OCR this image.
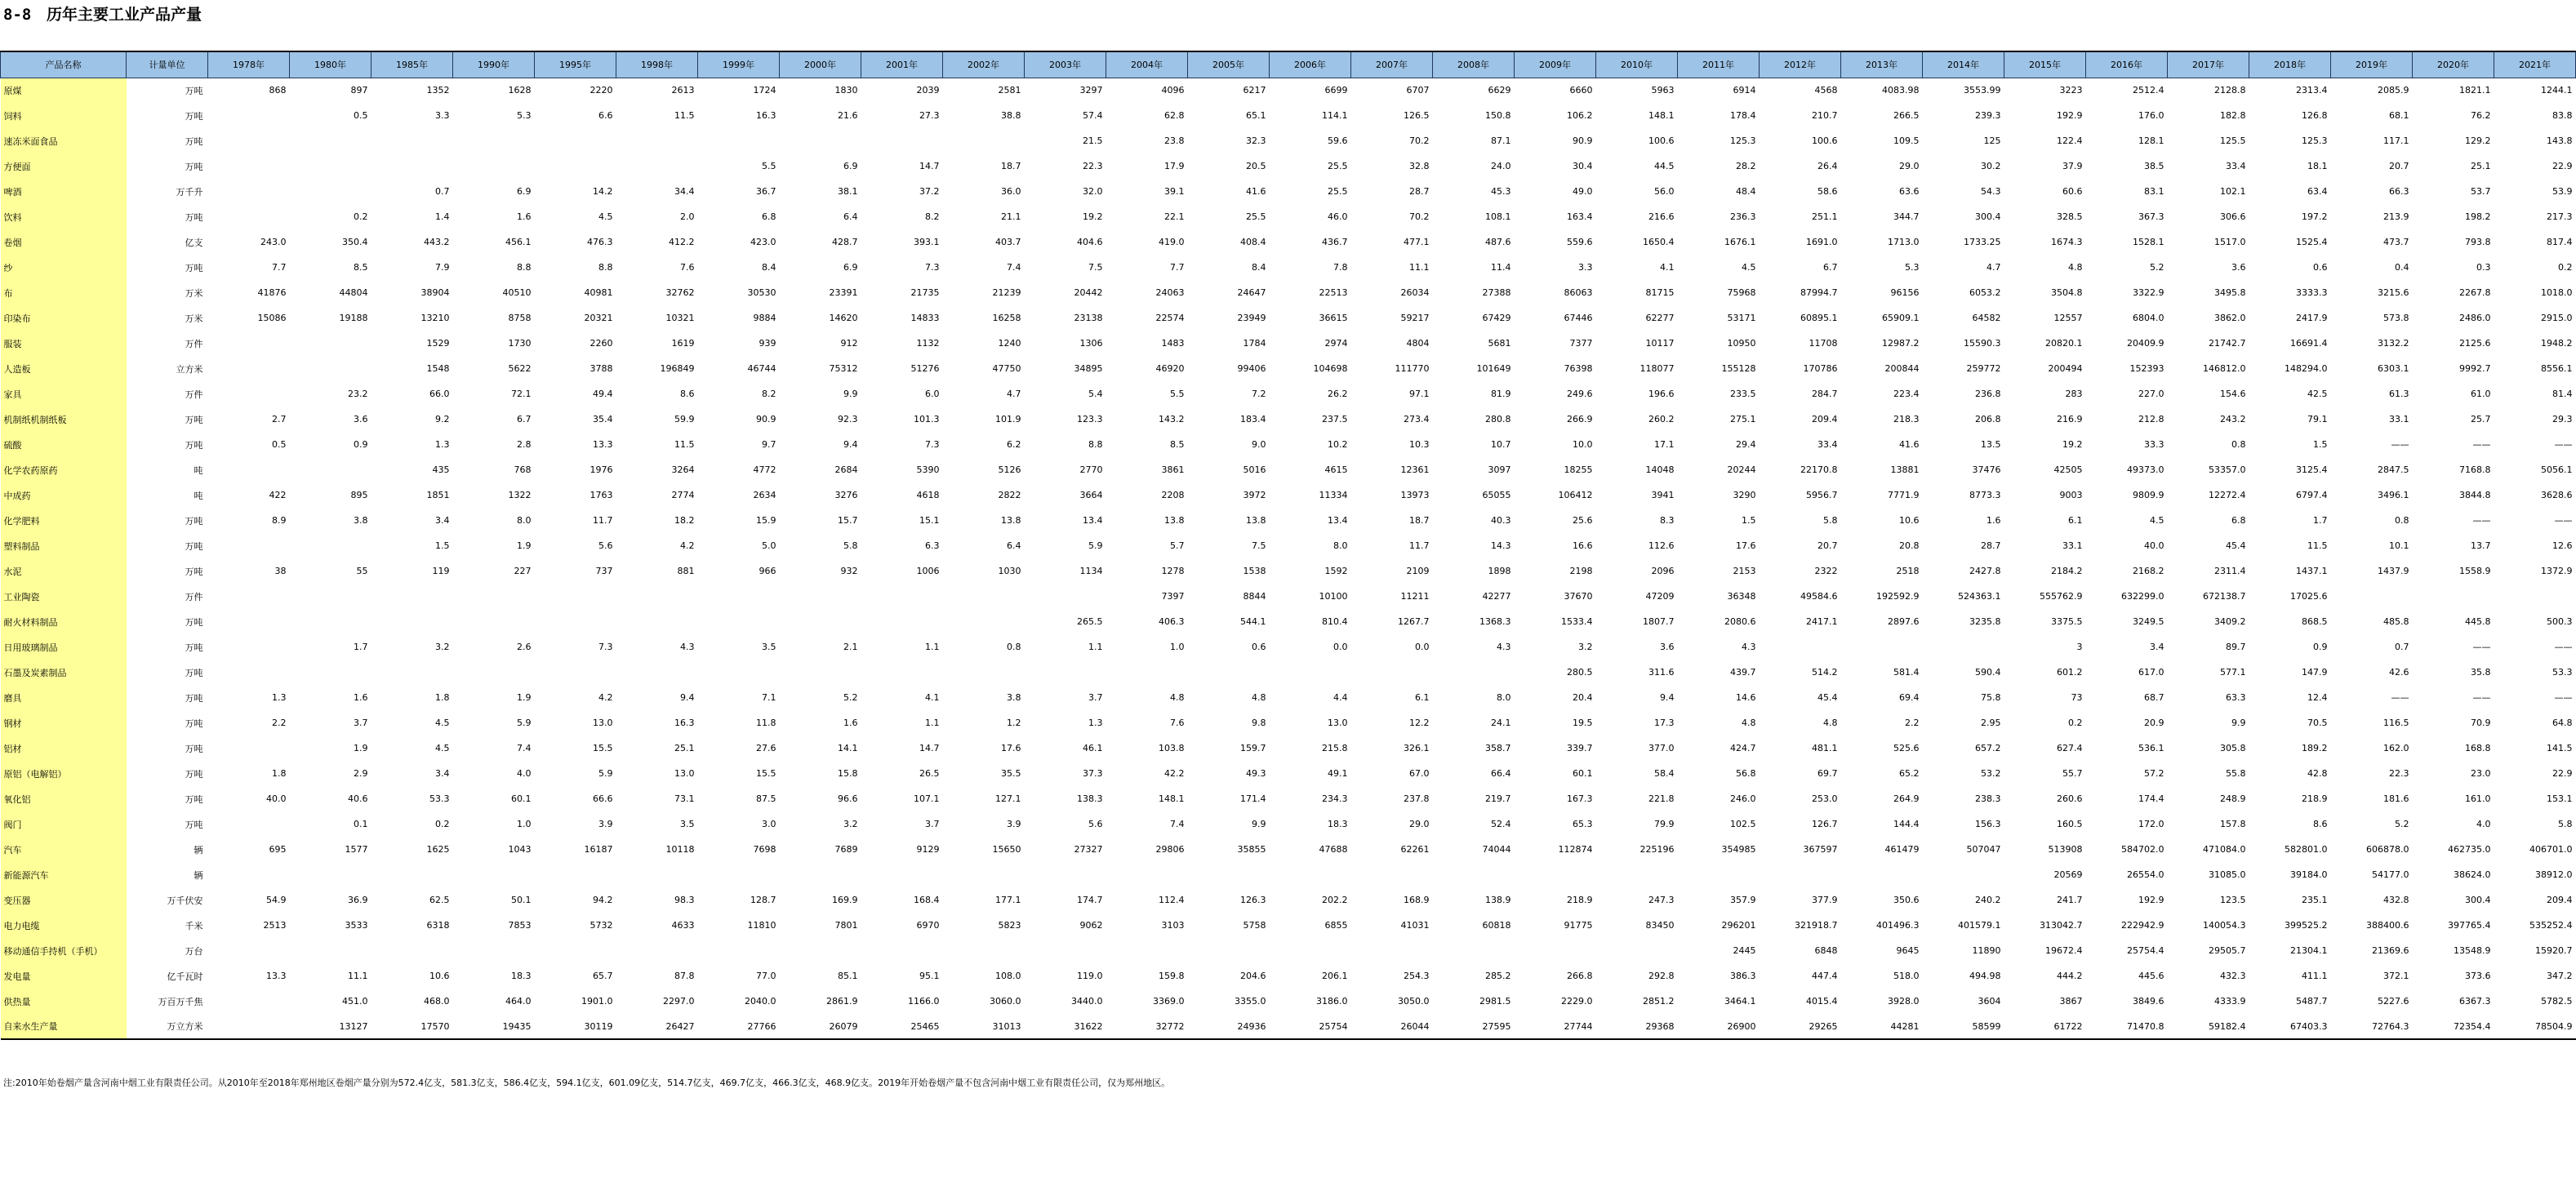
8-8 历年主要工业产品产量
产品名称	计量单位	1978年	1980年	1985年	1990年	1995年	1998年	1999年	2000年	2001年	2002年	2003年	2004年	2005年	2006年	2007年	2008年	2009年	2010年	2011年	2012年	2013年	2014年	2015年	2016年	2017年	2018年	2019年	2020年	2021年	
原煤	万吨	868	897	1352	1628	2220	2613	1724	1830	2039	2581	3297	4096	6217	6699	6707	6629	6660	5963	6914	4568	4083.98	3553.99	3223	2512.4	2128.8	2313.4	2085.9	1821.1	1244.1	
饲料	万吨		0.5	3.3	5.3	6.6	11.5	16.3	21.6	27.3	38.8	57.4	62.8	65.1	114.1	126.5	150.8	106.2	148.1	178.4	210.7	266.5	239.3	192.9	176.0	182.8	126.8	68.1	76.2	83.8	
速冻米面食品	万吨											21.5	23.8	32.3	59.6	70.2	87.1	90.9	100.6	125.3	100.6	109.5	125	122.4	128.1	125.5	125.3	117.1	129.2	143.8	
方便面	万吨							5.5	6.9	14.7	18.7	22.3	17.9	20.5	25.5	32.8	24.0	30.4	44.5	28.2	26.4	29.0	30.2	37.9	38.5	33.4	18.1	20.7	25.1	22.9	
啤酒	万千升			0.7	6.9	14.2	34.4	36.7	38.1	37.2	36.0	32.0	39.1	41.6	25.5	28.7	45.3	49.0	56.0	48.4	58.6	63.6	54.3	60.6	83.1	102.1	63.4	66.3	53.7	53.9	
饮料	万吨		0.2	1.4	1.6	4.5	2.0	6.8	6.4	8.2	21.1	19.2	22.1	25.5	46.0	70.2	108.1	163.4	216.6	236.3	251.1	344.7	300.4	328.5	367.3	306.6	197.2	213.9	198.2	217.3	
卷烟	亿支	243.0	350.4	443.2	456.1	476.3	412.2	423.0	428.7	393.1	403.7	404.6	419.0	408.4	436.7	477.1	487.6	559.6	1650.4	1676.1	1691.0	1713.0	1733.25	1674.3	1528.1	1517.0	1525.4	473.7	793.8	817.4	
纱	万吨	7.7	8.5	7.9	8.8	8.8	7.6	8.4	6.9	7.3	7.4	7.5	7.7	8.4	7.8	11.1	11.4	3.3	4.1	4.5	6.7	5.3	4.7	4.8	5.2	3.6	0.6	0.4	0.3	0.2	
布	万米	41876	44804	38904	40510	40981	32762	30530	23391	21735	21239	20442	24063	24647	22513	26034	27388	86063	81715	75968	87994.7	96156	6053.2	3504.8	3322.9	3495.8	3333.3	3215.6	2267.8	1018.0	
印染布	万米	15086	19188	13210	8758	20321	10321	9884	14620	14833	16258	23138	22574	23949	36615	59217	67429	67446	62277	53171	60895.1	65909.1	64582	12557	6804.0	3862.0	2417.9	573.8	2486.0	2915.0	
服装	万件			1529	1730	2260	1619	939	912	1132	1240	1306	1483	1784	2974	4804	5681	7377	10117	10950	11708	12987.2	15590.3	20820.1	20409.9	21742.7	16691.4	3132.2	2125.6	1948.2	
人造板	立方米			1548	5622	3788	196849	46744	75312	51276	47750	34895	46920	99406	104698	111770	101649	76398	118077	155128	170786	200844	259772	200494	152393	146812.0	148294.0	6303.1	9992.7	8556.1	
家具	万件		23.2	66.0	72.1	49.4	8.6	8.2	9.9	6.0	4.7	5.4	5.5	7.2	26.2	97.1	81.9	249.6	196.6	233.5	284.7	223.4	236.8	283	227.0	154.6	42.5	61.3	61.0	81.4	
机制纸机制纸板	万吨	2.7	3.6	9.2	6.7	35.4	59.9	90.9	92.3	101.3	101.9	123.3	143.2	183.4	237.5	273.4	280.8	266.9	260.2	275.1	209.4	218.3	206.8	216.9	212.8	243.2	79.1	33.1	25.7	29.3	
硫酸	万吨	0.5	0.9	1.3	2.8	13.3	11.5	9.7	9.4	7.3	6.2	8.8	8.5	9.0	10.2	10.3	10.7	10.0	17.1	29.4	33.4	41.6	13.5	19.2	33.3	0.8	1.5	——	——	——	
化学农药原药	吨			435	768	1976	3264	4772	2684	5390	5126	2770	3861	5016	4615	12361	3097	18255	14048	20244	22170.8	13881	37476	42505	49373.0	53357.0	3125.4	2847.5	7168.8	5056.1	
中成药	吨	422	895	1851	1322	1763	2774	2634	3276	4618	2822	3664	2208	3972	11334	13973	65055	106412	3941	3290	5956.7	7771.9	8773.3	9003	9809.9	12272.4	6797.4	3496.1	3844.8	3628.6	
化学肥料	万吨	8.9	3.8	3.4	8.0	11.7	18.2	15.9	15.7	15.1	13.8	13.4	13.8	13.8	13.4	18.7	40.3	25.6	8.3	1.5	5.8	10.6	1.6	6.1	4.5	6.8	1.7	0.8	——	——	
塑料制品	万吨			1.5	1.9	5.6	4.2	5.0	5.8	6.3	6.4	5.9	5.7	7.5	8.0	11.7	14.3	16.6	112.6	17.6	20.7	20.8	28.7	33.1	40.0	45.4	11.5	10.1	13.7	12.6	
水泥	万吨	38	55	119	227	737	881	966	932	1006	1030	1134	1278	1538	1592	2109	1898	2198	2096	2153	2322	2518	2427.8	2184.2	2168.2	2311.4	1437.1	1437.9	1558.9	1372.9	
工业陶瓷	万件												7397	8844	10100	11211	42277	37670	47209	36348	49584.6	192592.9	524363.1	555762.9	632299.0	672138.7	17025.6				
耐火材料制品	万吨											265.5	406.3	544.1	810.4	1267.7	1368.3	1533.4	1807.7	2080.6	2417.1	2897.6	3235.8	3375.5	3249.5	3409.2	868.5	485.8	445.8	500.3	
日用玻璃制品	万吨		1.7	3.2	2.6	7.3	4.3	3.5	2.1	1.1	0.8	1.1	1.0	0.6	0.0	0.0	4.3	3.2	3.6	4.3				3	3.4	89.7	0.9	0.7	——	——	
石墨及炭素制品	万吨																	280.5	311.6	439.7	514.2	581.4	590.4	601.2	617.0	577.1	147.9	42.6	35.8	53.3	
磨具	万吨	1.3	1.6	1.8	1.9	4.2	9.4	7.1	5.2	4.1	3.8	3.7	4.8	4.8	4.4	6.1	8.0	20.4	9.4	14.6	45.4	69.4	75.8	73	68.7	63.3	12.4	——	——	——	
钢材	万吨	2.2	3.7	4.5	5.9	13.0	16.3	11.8	1.6	1.1	1.2	1.3	7.6	9.8	13.0	12.2	24.1	19.5	17.3	4.8	4.8	2.2	2.95	0.2	20.9	9.9	70.5	116.5	70.9	64.8	
铝材	万吨		1.9	4.5	7.4	15.5	25.1	27.6	14.1	14.7	17.6	46.1	103.8	159.7	215.8	326.1	358.7	339.7	377.0	424.7	481.1	525.6	657.2	627.4	536.1	305.8	189.2	162.0	168.8	141.5	
原铝（电解铝）	万吨	1.8	2.9	3.4	4.0	5.9	13.0	15.5	15.8	26.5	35.5	37.3	42.2	49.3	49.1	67.0	66.4	60.1	58.4	56.8	69.7	65.2	53.2	55.7	57.2	55.8	42.8	22.3	23.0	22.9	
氧化铝	万吨	40.0	40.6	53.3	60.1	66.6	73.1	87.5	96.6	107.1	127.1	138.3	148.1	171.4	234.3	237.8	219.7	167.3	221.8	246.0	253.0	264.9	238.3	260.6	174.4	248.9	218.9	181.6	161.0	153.1	
阀门	万吨		0.1	0.2	1.0	3.9	3.5	3.0	3.2	3.7	3.9	5.6	7.4	9.9	18.3	29.0	52.4	65.3	79.9	102.5	126.7	144.4	156.3	160.5	172.0	157.8	8.6	5.2	4.0	5.8	
汽车	辆	695	1577	1625	1043	16187	10118	7698	7689	9129	15650	27327	29806	35855	47688	62261	74044	112874	225196	354985	367597	461479	507047	513908	584702.0	471084.0	582801.0	606878.0	462735.0	406701.0	
新能源汽车	辆																							20569	26554.0	31085.0	39184.0	54177.0	38624.0	38912.0	
变压器	万千伏安	54.9	36.9	62.5	50.1	94.2	98.3	128.7	169.9	168.4	177.1	174.7	112.4	126.3	202.2	168.9	138.9	218.9	247.3	357.9	377.9	350.6	240.2	241.7	192.9	123.5	235.1	432.8	300.4	209.4	
电力电缆	千米	2513	3533	6318	7853	5732	4633	11810	7801	6970	5823	9062	3103	5758	6855	41031	60818	91775	83450	296201	321918.7	401496.3	401579.1	313042.7	222942.9	140054.3	399525.2	388400.6	397765.4	535252.4	
移动通信手持机（手机）	万台																			2445	6848	9645	11890	19672.4	25754.4	29505.7	21304.1	21369.6	13548.9	15920.7	
发电量	亿千瓦时	13.3	11.1	10.6	18.3	65.7	87.8	77.0	85.1	95.1	108.0	119.0	159.8	204.6	206.1	254.3	285.2	266.8	292.8	386.3	447.4	518.0	494.98	444.2	445.6	432.3	411.1	372.1	373.6	347.2	
供热量	万百万千焦		451.0	468.0	464.0	1901.0	2297.0	2040.0	2861.9	1166.0	3060.0	3440.0	3369.0	3355.0	3186.0	3050.0	2981.5	2229.0	2851.2	3464.1	4015.4	3928.0	3604	3867	3849.6	4333.9	5487.7	5227.6	6367.3	5782.5	
自来水生产量	万立方米		13127	17570	19435	30119	26427	27766	26079	25465	31013	31622	32772	24936	25754	26044	27595	27744	29368	26900	29265	44281	58599	61722	71470.8	59182.4	67403.3	72764.3	72354.4	78504.9	
注:2010年始卷烟产量含河南中烟工业有限责任公司。从2010年至2018年郑州地区卷烟产量分别为572.4亿支，581.3亿支，586.4亿支，594.1亿支，601.09亿支，514.7亿支，469.7亿支，466.3亿支，468.9亿支。2019年开始卷烟产量不包含河南中烟工业有限责任公司，仅为郑州地区。
